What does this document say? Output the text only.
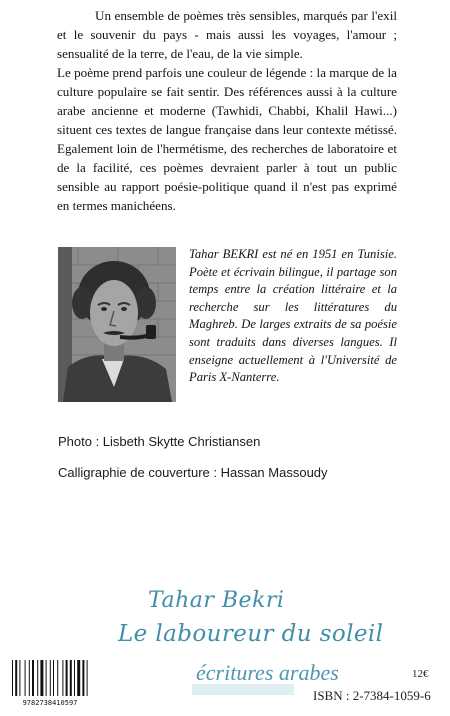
Un ensemble de poèmes très sensibles, marqués par l'exil et le souvenir du pays - mais aussi les voyages, l'amour ; sensualité de la terre, de l'eau, de la vie simple.

Le poème prend parfois une couleur de légende : la marque de la culture populaire se fait sentir. Des références aussi à la culture arabe ancienne et moderne (Tawhidi, Chabbi, Khalil Hawi...) situent ces textes de langue française dans leur contexte métissé. Egalement loin de l'hermétisme, des recherches de laboratoire et de la facilité, ces poèmes devraient parler à tout un public sensible au rapport poésie-politique quand il n'est pas exprimé en termes manichéens.

Tahar BEKRI est né en 1951 en Tunisie. Poète et écrivain bilingue, il partage son temps entre la création littéraire et la recherche sur les littératures du Maghreb. De larges extraits de sa poésie sont traduits dans diverses langues. Il enseigne actuellement à l'Université de Paris X-Nanterre.

Photo : Lisbeth Skytte Christiansen
Calligraphie de couverture : Hassan Massoudy
Tahar Bekri
Le laboureur du soleil
écritures arabes	12€
ISBN : 2-7384-1059-6
9782738410597
